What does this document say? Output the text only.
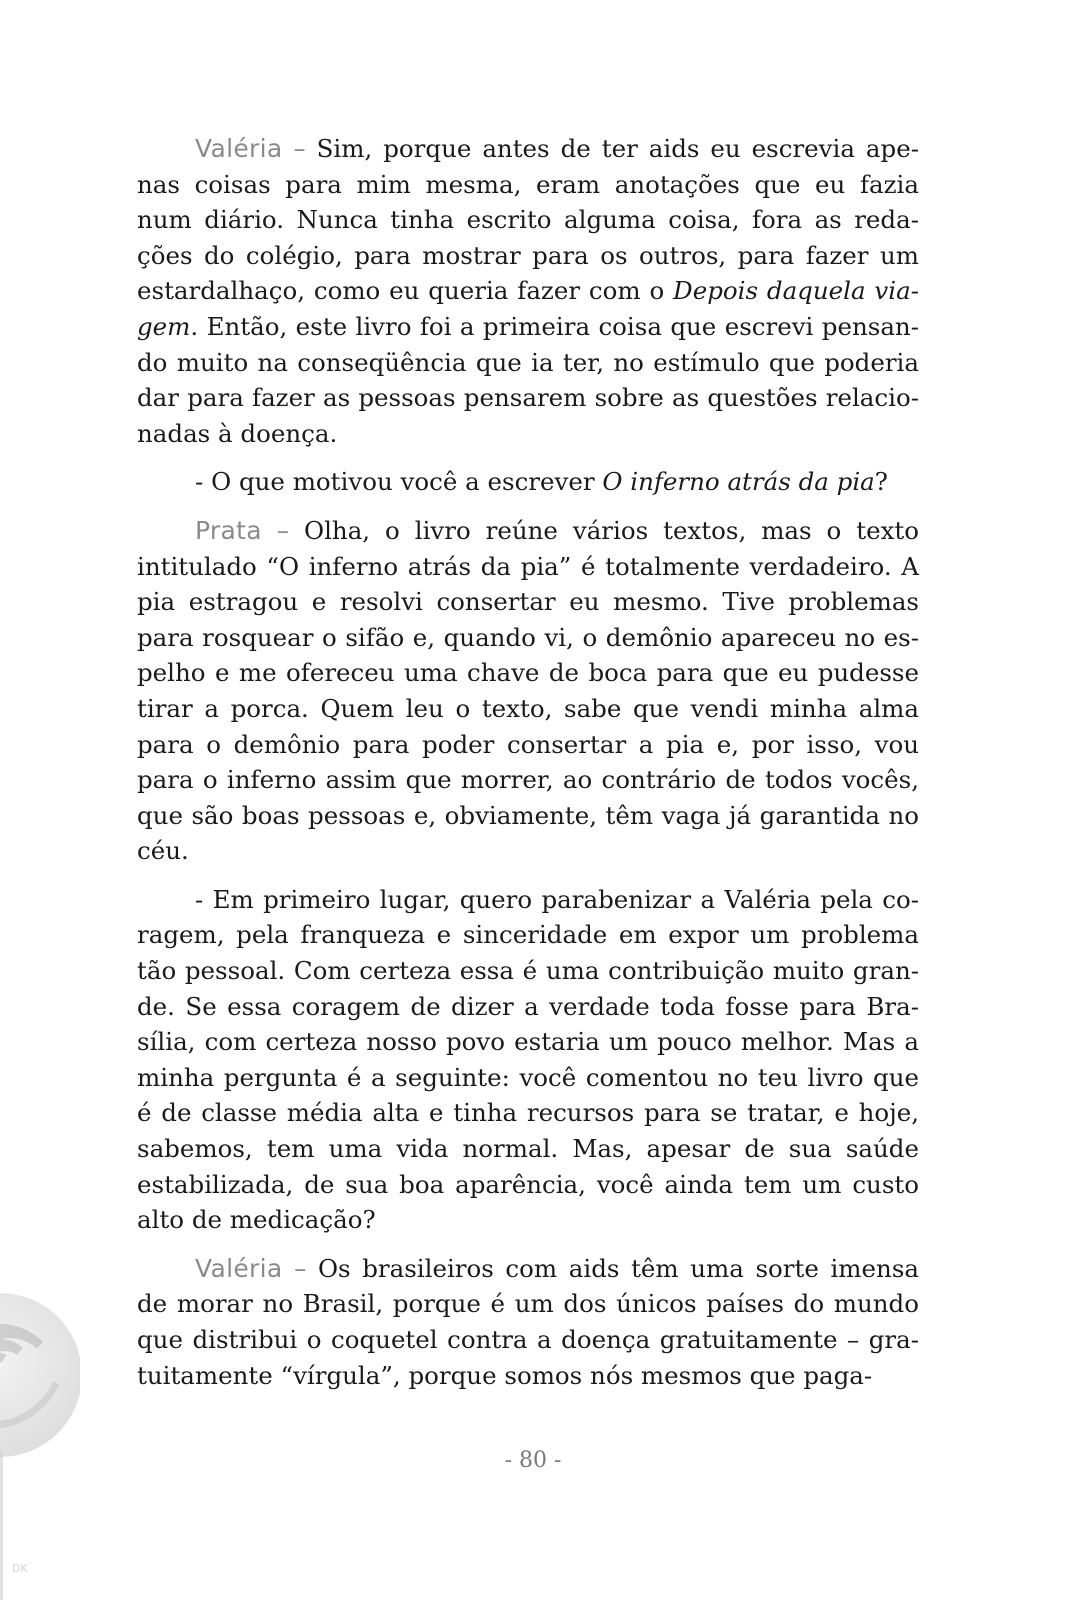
Valéria – Sim, porque antes de ter aids eu escrevia apenas coisas para mim mesma, eram anotações que eu fazia num diário. Nunca tinha escrito alguma coisa, fora as redações do colégio, para mostrar para os outros, para fazer um estardalhaço, como eu queria fazer com o Depois daquela viagem. Então, este livro foi a primeira coisa que escrevi pensando muito na conseqüência que ia ter, no estímulo que poderia dar para fazer as pessoas pensarem sobre as questões relacionadas à doença.

- O que motivou você a escrever O inferno atrás da pia?

Prata – Olha, o livro reúne vários textos, mas o texto intitulado “O inferno atrás da pia” é totalmente verdadeiro. A pia estragou e resolvi consertar eu mesmo. Tive problemas para rosquear o sifão e, quando vi, o demônio apareceu no espelho e me ofereceu uma chave de boca para que eu pudesse tirar a porca. Quem leu o texto, sabe que vendi minha alma para o demônio para poder consertar a pia e, por isso, vou para o inferno assim que morrer, ao contrário de todos vocês, que são boas pessoas e, obviamente, têm vaga já garantida no céu.

- Em primeiro lugar, quero parabenizar a Valéria pela coragem, pela franqueza e sinceridade em expor um problema tão pessoal. Com certeza essa é uma contribuição muito grande. Se essa coragem de dizer a verdade toda fosse para Brasília, com certeza nosso povo estaria um pouco melhor. Mas a minha pergunta é a seguinte: você comentou no teu livro que é de classe média alta e tinha recursos para se tratar, e hoje, sabemos, tem uma vida normal. Mas, apesar de sua saúde estabilizada, de sua boa aparência, você ainda tem um custo alto de medicação?

Valéria – Os brasileiros com aids têm uma sorte imensa de morar no Brasil, porque é um dos únicos países do mundo que distribui o coquetel contra a doença gratuitamente – gratuitamente “vírgula”, porque somos nós mesmos que paga-

- 80 -
DK
